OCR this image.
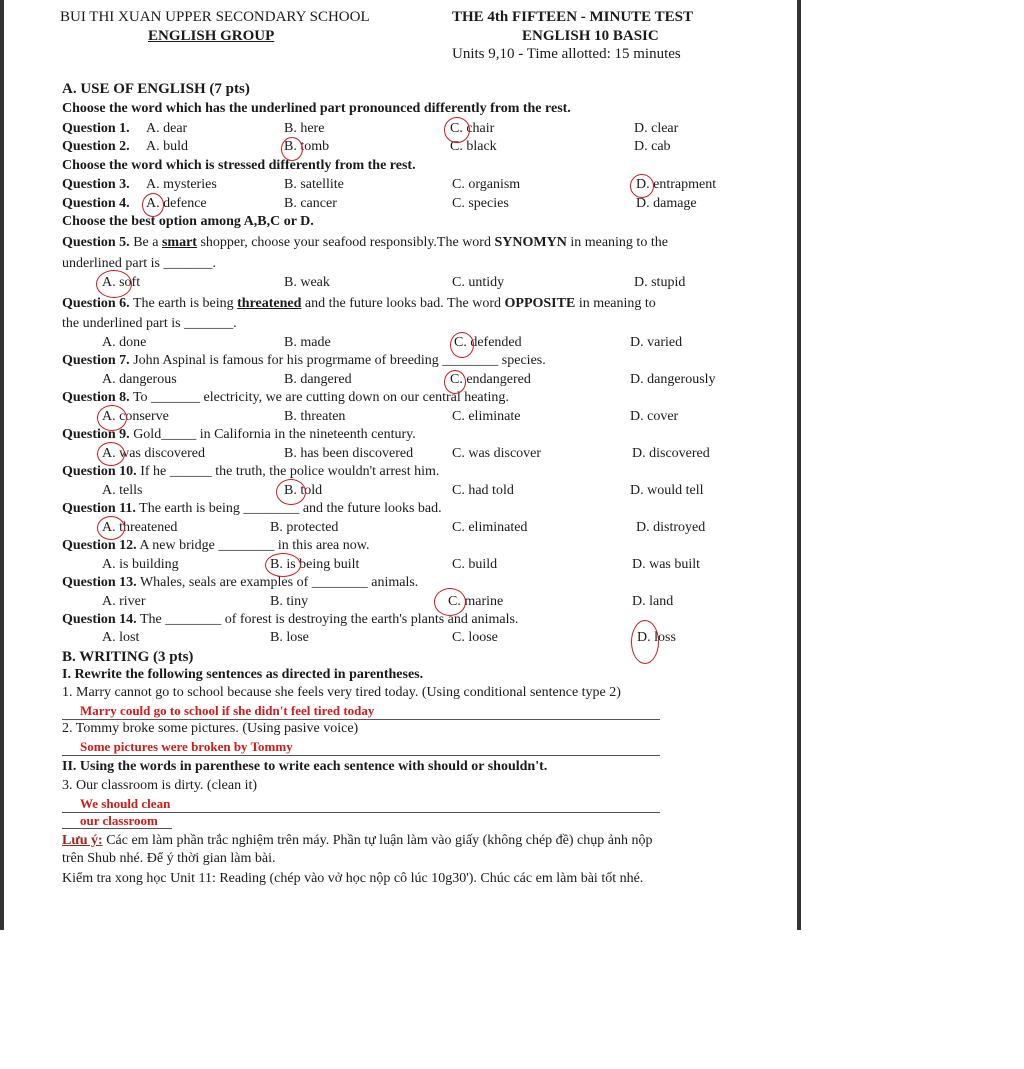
BUI THI XUAN UPPER SECONDARY SCHOOL
ENGLISH GROUP
THE 4th FIFTEEN - MINUTE TEST
ENGLISH 10 BASIC
Units 9,10 - Time allotted: 15 minutes
A. USE OF ENGLISH (7 pts)
Choose the word which has the underlined part pronounced differently from the rest.
Question 1. A. dear	B. here	C. chair	D. clear
Question 2. A. buld	B. tomb	C. black	D. cab
Choose the word which is stressed differently from the rest.
Question 3. A. mysteries	B. satellite	C. organism	D. entrapment
Question 4. A. defence	B. cancer	C. species	D. damage
Choose the best option among A,B,C or D.
Question 5. Be a smart shopper, choose your seafood responsibly.The word SYNOMYN in meaning to the
underlined part is _______.
A. soft	B. weak	C. untidy	D. stupid
Question 6. The earth is being threatened and the future looks bad. The word OPPOSITE in meaning to
the underlined part is _______.
A. done	B. made	C. defended	D. varied
Question 7. John Aspinal is famous for his progrmame of breeding ________ species.
A. dangerous	B. dangered	C. endangered	D. dangerously
Question 8. To _______ electricity, we are cutting down on our central heating.
A. conserve	B. threaten	C. eliminate	D. cover
Question 9. Gold_____ in California in the nineteenth century.
A. was discovered	B. has been discovered	C. was discover	D. discovered
Question 10. If he ______ the truth, the police wouldn't arrest him.
A. tells	B. told	C. had told	D. would tell
Question 11. The earth is being ________ and the future looks bad.
A. threatened	B. protected	C. eliminated	D. distroyed
Question 12. A new bridge ________ in this area now.
A. is building	B. is being built	C. build	D. was built
Question 13. Whales, seals are examples of ________ animals.
A. river	B. tiny	C. marine	D. land
Question 14. The ________ of forest is destroying the earth's plants and animals.
A. lost	B. lose	C. loose	D. loss
B. WRITING (3 pts)
I. Rewrite the following sentences as directed in parentheses.
1. Marry cannot go to school because she feels very tired today. (Using conditional sentence type 2)
Marry could go to school if she didn't feel tired today
2. Tommy broke some pictures. (Using pasive voice)
Some pictures were broken by Tommy
II. Using the words in parenthese to write each sentence with should or shouldn't.
3. Our classroom is dirty. (clean it)
We should clean
our classroom
Lưu ý: Các em làm phần trắc nghiệm trên máy. Phần tự luận làm vào giấy (không chép đề) chụp ảnh nộp
trên Shub nhé. Để ý thời gian làm bài.
Kiểm tra xong học Unit 11: Reading (chép vào vở học nộp cô lúc 10g30'). Chúc các em làm bài tốt nhé.
